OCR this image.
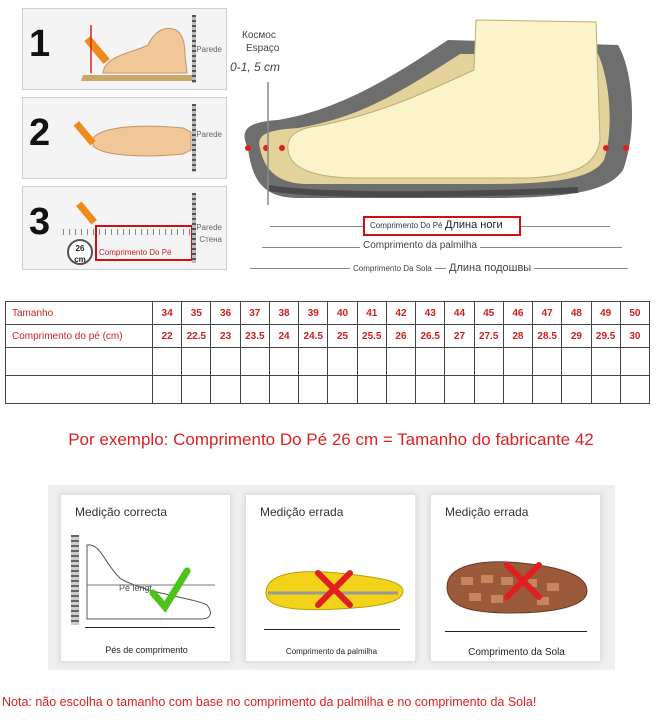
1	Parede
2	Parede
3
26
cm
Comprimento Do Pé
Parede
Стена
Космос
Espaço
0-1, 5 cm
Comprimento Do Pé Длина ноги
Comprimento da palmilha
Comprimento Da Sola Длина подошвы
Tamanho	34	35	36	37	38	39	40	41	42	43	44	45	46	47	48	49	50
Comprimento do pé (cm)	22	22.5	23	23.5	24	24.5	25	25.5	26	26.5	27	27.5	28	28.5	29	29.5	30

Por exemplo: Comprimento Do Pé 26 cm = Tamanho do fabricante 42
Medição correcta
Pé lengt
Pés de comprimento
Medição errada
Comprimento da palmilha
Medição errada
Comprimento da Sola
Nota: não escolha o tamanho com base no comprimento da palmilha e no comprimento da Sola!
